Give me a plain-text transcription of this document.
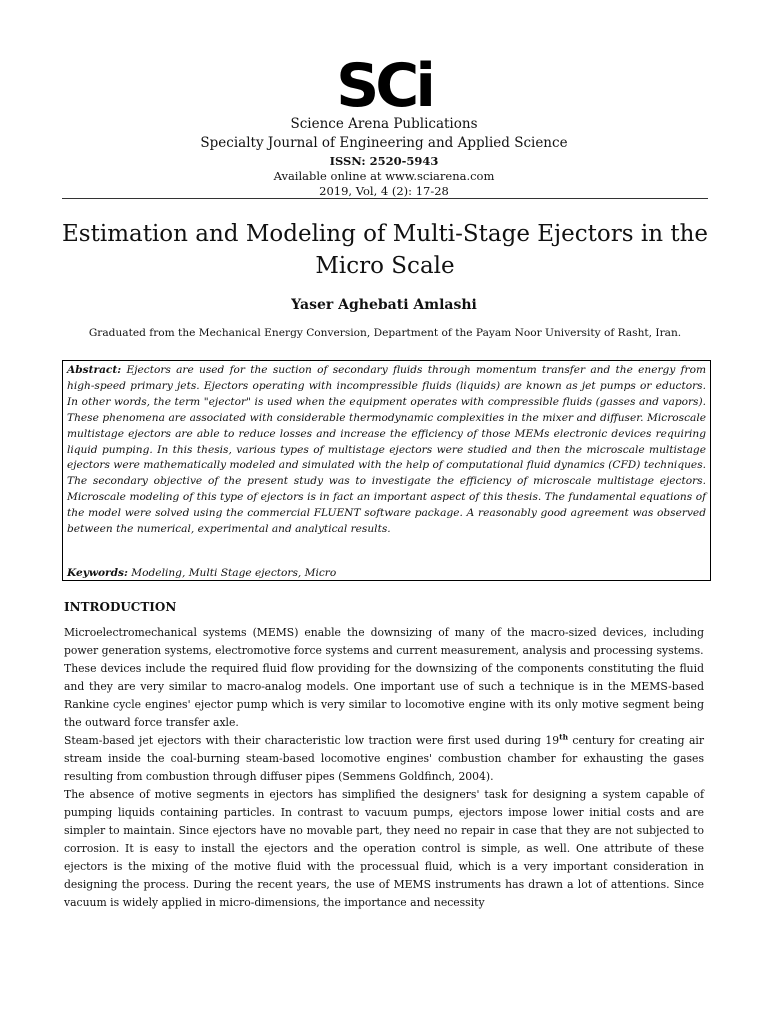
SCi
Science Arena Publications
Specialty Journal of Engineering and Applied Science
ISSN: 2520-5943
Available online at www.sciarena.com
2019, Vol, 4 (2): 17-28
Estimation and Modeling of Multi-Stage Ejectors in the Micro Scale
Yaser Aghebati Amlashi
Graduated from the Mechanical Energy Conversion, Department of the Payam Noor University of Rasht, Iran.

Abstract: Ejectors are used for the suction of secondary fluids through momentum transfer and the energy from high-speed primary jets. Ejectors operating with incompressible fluids (liquids) are known as jet pumps or eductors. In other words, the term "ejector" is used when the equipment operates with compressible fluids (gasses and vapors). These phenomena are associated with considerable thermodynamic complexities in the mixer and diffuser. Microscale multistage ejectors are able to reduce losses and increase the efficiency of those MEMs electronic devices requiring liquid pumping. In this thesis, various types of multistage ejectors were studied and then the microscale multistage ejectors were mathematically modeled and simulated with the help of computational fluid dynamics (CFD) techniques. The secondary objective of the present study was to investigate the efficiency of microscale multistage ejectors. Microscale modeling of this type of ejectors is in fact an important aspect of this thesis. The fundamental equations of the model were solved using the commercial FLUENT software package. A reasonably good agreement was observed between the numerical, experimental and analytical results.

Keywords: Modeling, Multi Stage ejectors, Micro
INTRODUCTION

Microelectromechanical systems (MEMS) enable the downsizing of many of the macro-sized devices, including power generation systems, electromotive force systems and current measurement, analysis and processing systems.

These devices include the required fluid flow providing for the downsizing of the components constituting the fluid and they are very similar to macro-analog models. One important use of such a technique is in the MEMS-based Rankine cycle engines' ejector pump which is very similar to locomotive engine with its only motive segment being the outward force transfer axle.

Steam-based jet ejectors with their characteristic low traction were first used during 19th century for creating air stream inside the coal-burning steam-based locomotive engines' combustion chamber for exhausting the gases resulting from combustion through diffuser pipes (Semmens Goldfinch, 2004).

The absence of motive segments in ejectors has simplified the designers' task for designing a system capable of pumping liquids containing particles. In contrast to vacuum pumps, ejectors impose lower initial costs and are simpler to maintain. Since ejectors have no movable part, they need no repair in case that they are not subjected to corrosion. It is easy to install the ejectors and the operation control is simple, as well. One attribute of these ejectors is the mixing of the motive fluid with the processual fluid, which is a very important consideration in designing the process. During the recent years, the use of MEMS instruments has drawn a lot of attentions. Since vacuum is widely applied in micro-dimensions, the importance and necessity
